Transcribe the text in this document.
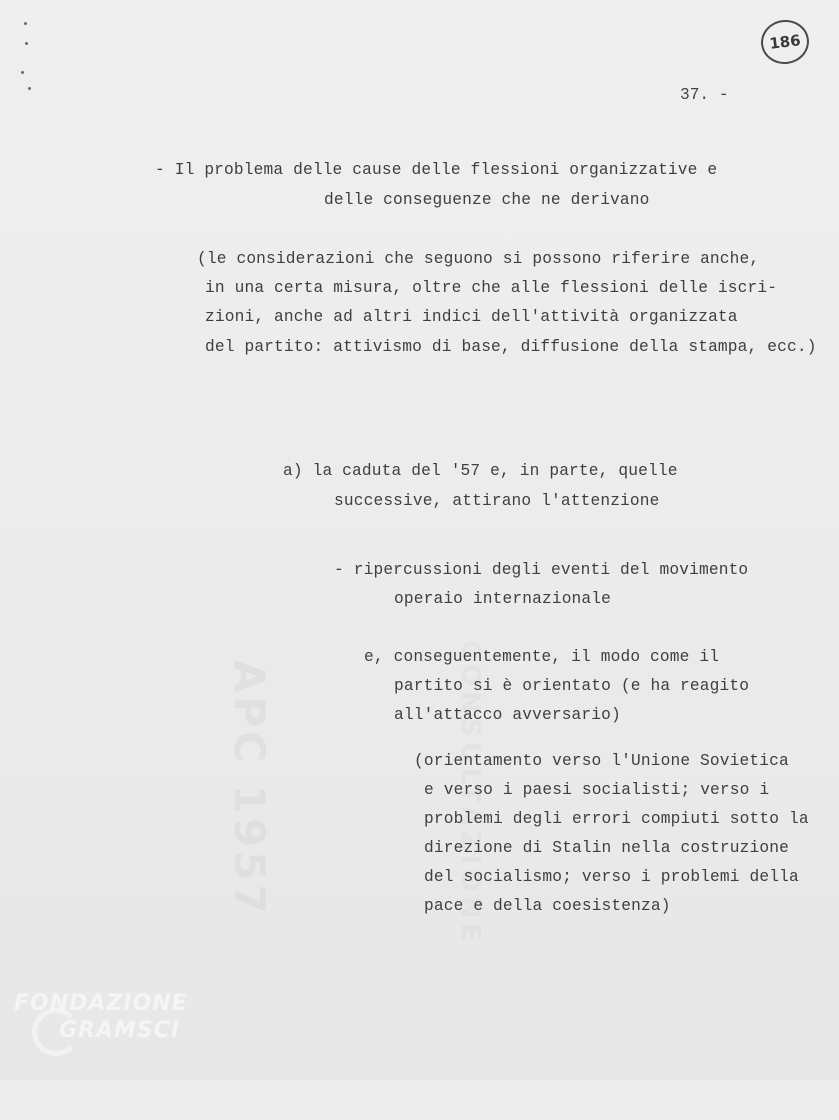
186
37. -
APC 1957	CONSULTAZIONE
- Il problema delle cause delle flessioni organizzative e
delle conseguenze che ne derivano
(le considerazioni che seguono si possono riferire anche,
in una certa misura, oltre che alle flessioni delle iscri-
zioni, anche ad altri indici dell'attività organizzata
del partito: attivismo di base, diffusione della stampa, ecc.)
a) la caduta del '57 e, in parte, quelle
successive, attirano l'attenzione
- ripercussioni degli eventi del movimento
operaio internazionale
e, conseguentemente, il modo come il
partito si è orientato (e ha reagito
all'attacco avversario)
(orientamento verso l'Unione Sovietica
e verso i paesi socialisti; verso i
problemi degli errori compiuti sotto la
direzione di Stalin nella costruzione
del socialismo; verso i problemi della
pace e della coesistenza)
FONDAZIONE
GRAMSCI
